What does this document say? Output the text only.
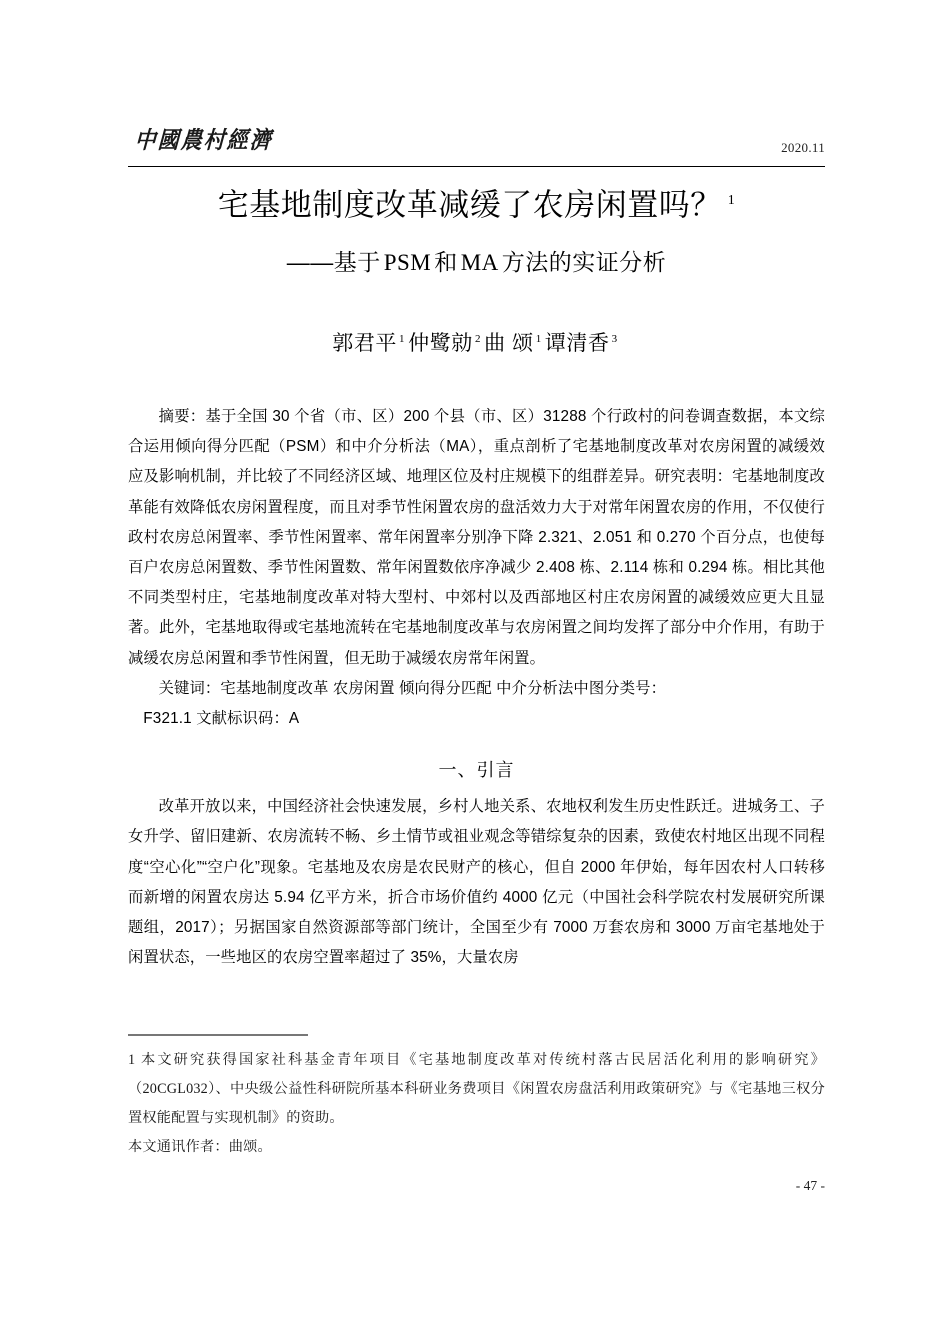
中國農村經濟	2020.11
宅基地制度改革减缓了农房闲置吗？ $^1$
——基于 PSM 和 MA 方法的实证分析
郭君平 $^1$ 仲鹭勍 $^2$ 曲 颂 $^1$ 谭清香 $^3$

摘要：基于全国 30 个省（市、区）200 个县（市、区）31288 个行政村的问卷调查数据，本文综合运用倾向得分匹配（PSM）和中介分析法（MA），重点剖析了宅基地制度改革对农房闲置的减缓效应及影响机制，并比较了不同经济区域、地理区位及村庄规模下的组群差异。研究表明：宅基地制度改革能有效降低农房闲置程度，而且对季节性闲置农房的盘活效力大于对常年闲置农房的作用，不仅使行政村农房总闲置率、季节性闲置率、常年闲置率分别净下降 2.321、2.051 和 0.270 个百分点，也使每百户农房总闲置数、季节性闲置数、常年闲置数依序净减少 2.408 栋、2.114 栋和 0.294 栋。相比其他不同类型村庄，宅基地制度改革对特大型村、中郊村以及西部地区村庄农房闲置的减缓效应更大且显著。此外，宅基地取得或宅基地流转在宅基地制度改革与农房闲置之间均发挥了部分中介作用，有助于减缓农房总闲置和季节性闲置，但无助于减缓农房常年闲置。

关键词：宅基地制度改革 农房闲置 倾向得分匹配 中介分析法中图分类号：

F321.1 文献标识码：A

一、引言

改革开放以来，中国经济社会快速发展，乡村人地关系、农地权利发生历史性跃迁。进城务工、子女升学、留旧建新、农房流转不畅、乡土情节或祖业观念等错综复杂的因素，致使农村地区出现不同程度“空心化”“空户化”现象。宅基地及农房是农民财产的核心，但自 2000 年伊始，每年因农村人口转移而新增的闲置农房达 5.94 亿平方米，折合市场价值约 4000 亿元（中国社会科学院农村发展研究所课题组，2017）；另据国家自然资源部等部门统计，全国至少有 7000 万套农房和 3000 万亩宅基地处于闲置状态，一些地区的农房空置率超过了 35%，大量农房

1 本文研究获得国家社科基金青年项目《宅基地制度改革对传统村落古民居活化利用的影响研究》（20CGL032）、中央级公益性科研院所基本科研业务费项目《闲置农房盘活利用政策研究》与《宅基地三权分置权能配置与实现机制》的资助。

本文通讯作者：曲颂。

- 47 -
